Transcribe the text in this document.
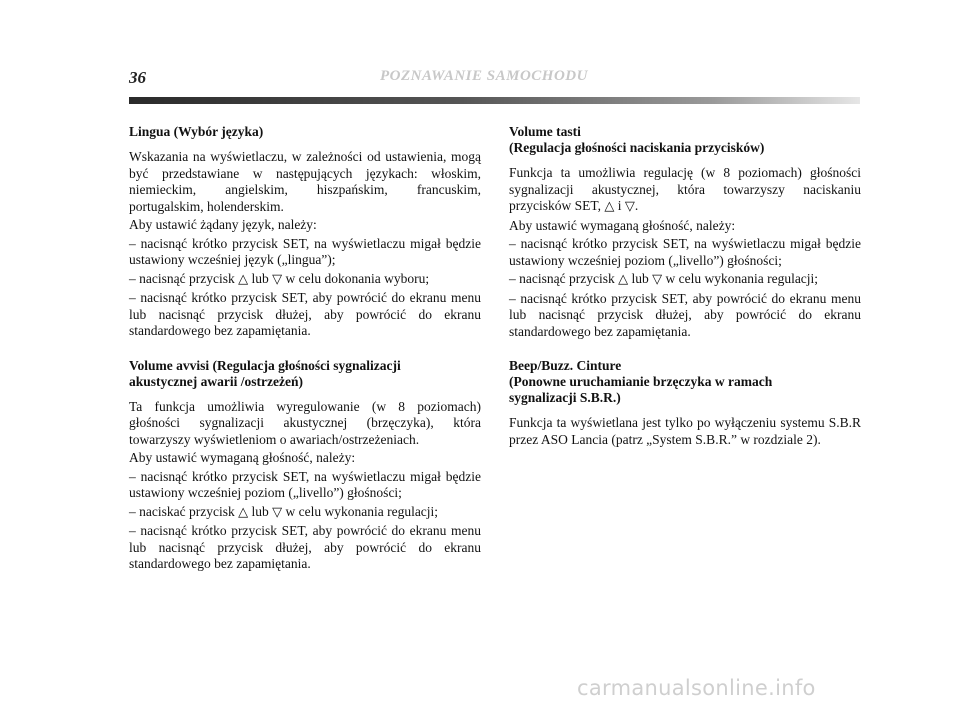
36	POZNAWANIE SAMOCHODU
Lingua (Wybór języka)

Wskazania na wyświetlaczu, w zależności od ustawienia, mogą być przedstawiane w następujących językach: włoskim, niemieckim, angielskim, hiszpańskim, francuskim, portugalskim, holenderskim.

Aby ustawić żądany język, należy:

– nacisnąć krótko przycisk SET, na wyświetlaczu migał będzie ustawiony wcześniej język („lingua”);

– nacisnąć przycisk △ lub ▽ w celu dokonania wyboru;

– nacisnąć krótko przycisk SET, aby powrócić do ekranu menu lub nacisnąć przycisk dłużej, aby powrócić do ekranu standardowego bez zapamiętania.

Volume avvisi (Regulacja głośności sygnalizacji
akustycznej awarii /ostrzeżeń)

Ta funkcja umożliwia wyregulowanie (w 8 poziomach) głośności sygnalizacji akustycznej (brzęczyka), która towarzyszy wyświetleniom o awariach/ostrzeżeniach.

Aby ustawić wymaganą głośność, należy:

– nacisnąć krótko przycisk SET, na wyświetlaczu migał będzie ustawiony wcześniej poziom („livello”) głośności;

– naciskać przycisk △ lub ▽ w celu wykonania regulacji;

– nacisnąć krótko przycisk SET, aby powrócić do ekranu menu lub nacisnąć przycisk dłużej, aby powrócić do ekranu standardowego bez zapamiętania.

Volume tasti
(Regulacja głośności naciskania przycisków)

Funkcja ta umożliwia regulację (w 8 poziomach) głośności sygnalizacji akustycznej, która towarzyszy naciskaniu przycisków SET, △ i ▽.

Aby ustawić wymaganą głośność, należy:

– nacisnąć krótko przycisk SET, na wyświetlaczu migał będzie ustawiony wcześniej poziom („livello”) głośności;

– nacisnąć przycisk △ lub ▽ w celu wykonania regulacji;

– nacisnąć krótko przycisk SET, aby powrócić do ekranu menu lub nacisnąć przycisk dłużej, aby powrócić do ekranu standardowego bez zapamiętania.

Beep/Buzz. Cinture
(Ponowne uruchamianie brzęczyka w ramach
sygnalizacji S.B.R.)

Funkcja ta wyświetlana jest tylko po wyłączeniu systemu S.B.R przez ASO Lancia (patrz „System S.B.R.” w rozdziale 2).

carmanualsonline.info
